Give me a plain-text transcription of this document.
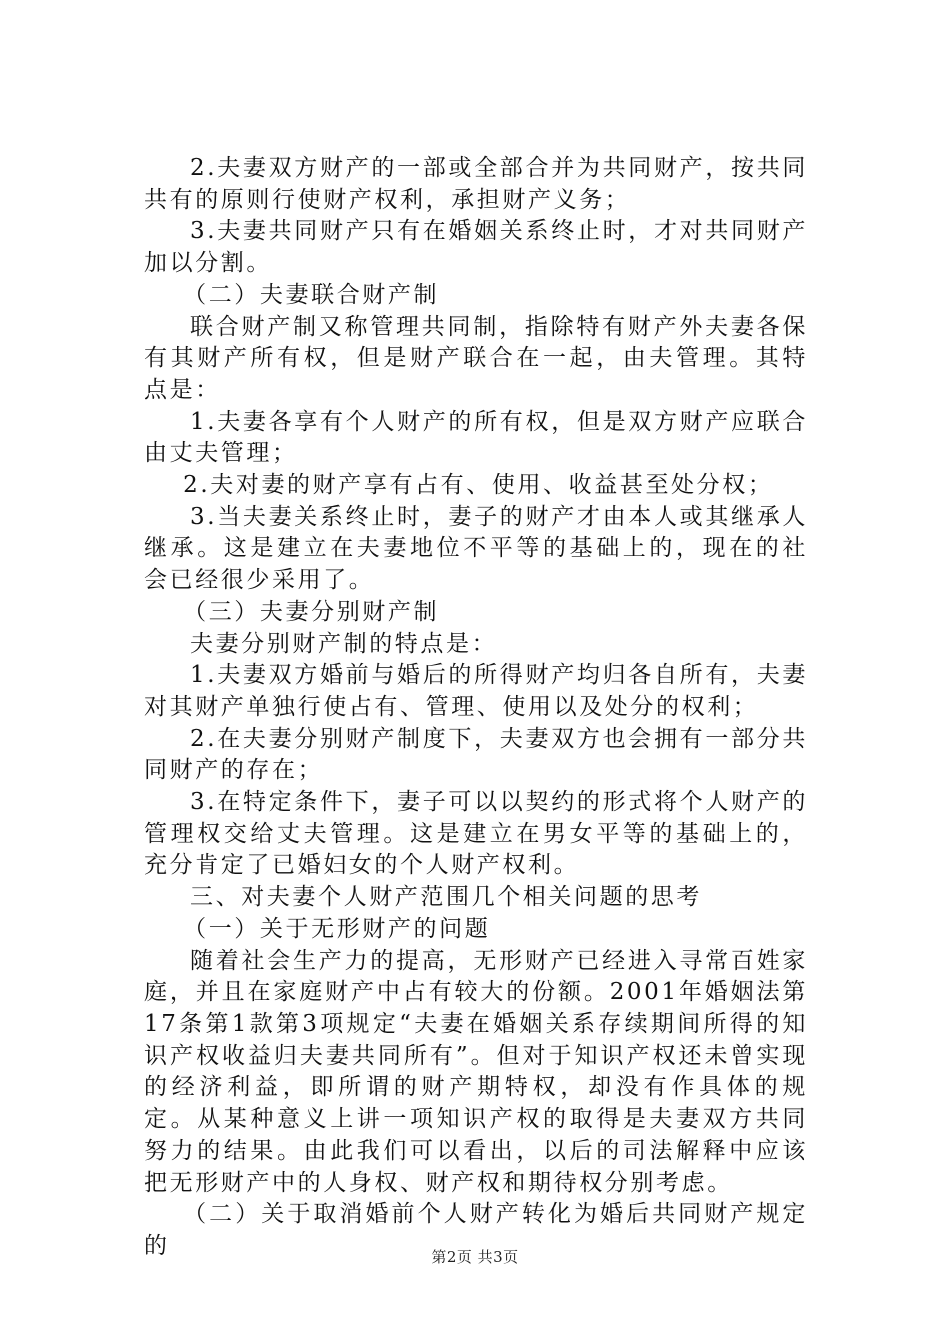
2.夫妻双方财产的一部或全部合并为共同财产，按共同共有的原则行使财产权利，承担财产义务；

3.夫妻共同财产只有在婚姻关系终止时，才对共同财产加以分割。

（二）夫妻联合财产制

联合财产制又称管理共同制，指除特有财产外夫妻各保有其财产所有权，但是财产联合在一起，由夫管理。其特点是：

1.夫妻各享有个人财产的所有权，但是双方财产应联合由丈夫管理；

2.夫对妻的财产享有占有、使用、收益甚至处分权；

3.当夫妻关系终止时，妻子的财产才由本人或其继承人继承。这是建立在夫妻地位不平等的基础上的，现在的社会已经很少采用了。

（三）夫妻分别财产制

夫妻分别财产制的特点是：

1.夫妻双方婚前与婚后的所得财产均归各自所有，夫妻对其财产单独行使占有、管理、使用以及处分的权利；

2.在夫妻分别财产制度下，夫妻双方也会拥有一部分共同财产的存在；

3.在特定条件下，妻子可以以契约的形式将个人财产的管理权交给丈夫管理。这是建立在男女平等的基础上的，充分肯定了已婚妇女的个人财产权利。

三、对夫妻个人财产范围几个相关问题的思考

（一）关于无形财产的问题

随着社会生产力的提高，无形财产已经进入寻常百姓家庭，并且在家庭财产中占有较大的份额。2001年婚姻法第17条第1款第3项规定“夫妻在婚姻关系存续期间所得的知识产权收益归夫妻共同所有”。但对于知识产权还未曾实现的经济利益，即所谓的财产期特权，却没有作具体的规定。从某种意义上讲一项知识产权的取得是夫妻双方共同努力的结果。由此我们可以看出，以后的司法解释中应该把无形财产中的人身权、财产权和期待权分别考虑。

（二）关于取消婚前个人财产转化为婚后共同财产规定的	第2页 共3页
